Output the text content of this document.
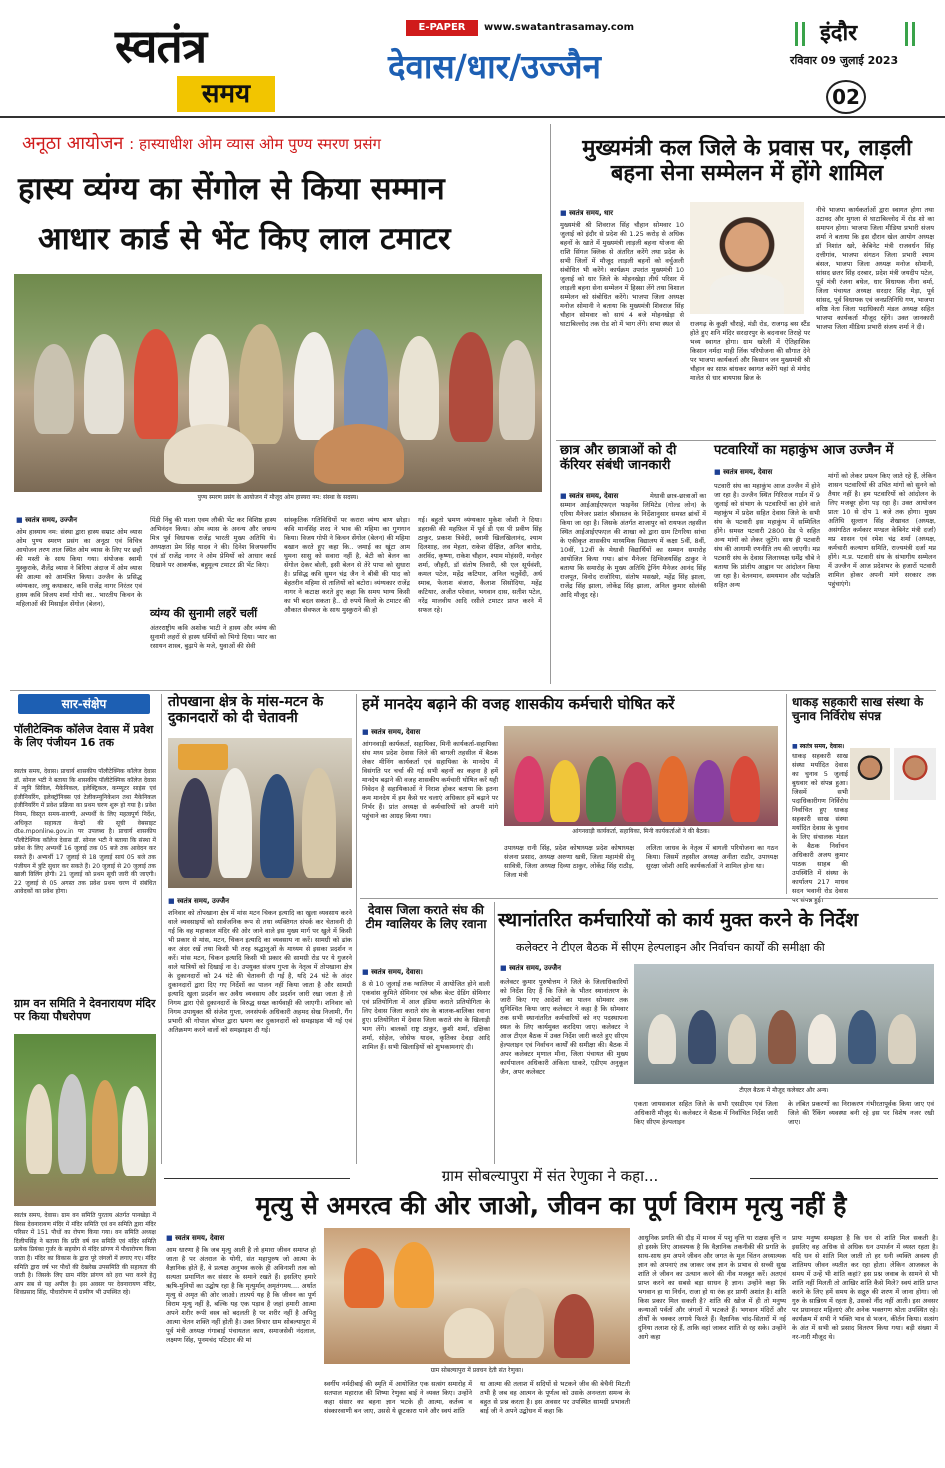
स्वतंत्र
समय
E-PAPER	www.swatantrasamay.com
देवास/धार/उज्जैन
इंदौर
रविवार 09 जुलाई 2023
02
अनूठा आयोजन : हास्याधीश ओम व्यास ओम पुण्य स्मरण प्रसंग
हास्य व्यंग्य का सेंगोल से किया सम्मान
आधार कार्ड से भेंट किए लाल टमाटर
पुण्य स्मरण प्रसंग के आयोजन में मौजूद ओम हास्यरा नम: संस्था के सदस्य।
■ स्वतंत्र समय, उज्जैन
ओम हास्याय नम: संस्था द्वारा हास्य सम्राट ओम व्यास ओम पुण्य स्मरण प्रसंग का अनूठा एवं विचित्र आयोजन तरण ताल स्थित ओम व्यास के लिए पर छहों की मस्ती के साथ किया गया। संयोजक स्वामी मुस्कुराके, शैलेंद्र व्यास ने बिरिया अंदाज में ओम व्यास की आत्मा को आमंत्रित किया। उज्जैन के प्रसिद्ध व्यंग्यकार, लघु कथाकार, कवि राजेंद्र नागर निरंतर एवं हास्य कवि विजय शर्मा गोपी का.. भारतीय किचन के महिलाओं की मिसाईल सेंगोल (बेलन),
पिंडी निंबु की माला एवम लौकी भेंट कर विशिष्ठ हास्य अभिनंदन किया। ओम व्यास के अनन्य और जघन्य मित्र पूर्व विधायक राजेंद्र भारती मुख्य अतिथि थे। अध्यक्षता प्रेम सिंह यादव ने की। दिनेश विजयवर्गीय एवं डॉ राजेंद्र नागर ने ओम प्रेमियों को आधार कार्ड दिखाने पर आकर्षक, बहुमूल्य टमाटर फ्री भेंट किए।
व्यंग्य की सुनामी लहरें चलीं
अंतरराष्ट्रीय कवि अशोक भाटी ने हास्य और व्यंग्य की सुनामी लहरों से हास्य धर्मियों को भिगो दिया। प्यार का रसायन शास्त्र, बुढ़ापे के मजे, युवाओं की सेवी
सांस्कृतिक गतिविधियों पर करारा व्यंग्य बाण छोड़ा। कवि मानसिंह शरद ने भाव की महिमा का गुणगान किया। विजय गोपी ने किचन सेंगोल (बेलन) की महिमा बखान करते हुए कहा कि.. जमाई का खूंटा आम घुमना सासु को सवारा नहीं है, बेटी को बेलन का सेंगोल देकर बोली, इसी बेलन से तेरे पापा को सुधारा है। प्रसिद्ध कवि सुमन चंद्र जैन ने बीबी की याद को बेहतरीन महिमा से तालियों को बटोरा। व्यंग्यकार राजेंद्र नागर ने कटाक्ष करते हुए कहा कि समय भाग्य किसी का भी बदल सकता है.. दो रुपये किलो के टमाटर की औकात सेवफल के साथ मुस्कुराने की हो
गई। बहुतो भ्रमण व्यंग्यकार मुकेश जोशी ने दिया। डहराकी की महफ़िल में पूर्व डी एस पी प्रवीण सिंह ठाकुर, प्रकाश त्रिवेदी, स्वामी खिलखिलानंद, श्याम दिलशाह, लव मेहता, राकेश दीक्षित, अनिल बारोड, अरविंद, कृष्णा, राकेश चौहान, श्याम मोहंसरी, मनोहर शर्मा, जौहरी, डॉ संतोष तिवारी, श्री एल सूर्यवंशी, कमल पटेल, महेंद्र कटियार, अनिल चतुर्वेदी, अर्थ स्माब, फेलाश बंजारा, कैलाश सिसोदिया, महेंद्र कटियार, अजीत परेवाल, भगवान दास, सतीश पटेल, नरेंद्र मालवीय आदि रसीले टमाटर प्राप्त करने में सफल रहे।
मुख्यमंत्री कल जिले के प्रवास पर, लाड़ली बहना सेना सम्मेलन में होंगे शामिल
■ स्वतंत्र समय, धार
मुख्यमंत्री श्री शिवराज सिंह चौहान सोमवार 10 जुलाई को इंदौर से प्रदेश की 1.25 करोड़ से अधिक बहनों के खाते में मुख्यमंत्री लाड़ली बहना योजना की राशि सिंगल क्लिक से अंतरित करेंगे तथा प्रदेश के सभी जिलों में मौजूद लाड़ली बहनों को वर्चुअली संबोधित भी करेंगे। कार्यक्रम उपरांत मुख्यमंत्री 10 जुलाई को धार जिले के मोहनखेड़ा तीर्थ परिसर में लाड़ली बहना सेना सम्मेलन में हिस्सा लेंगे तथा विशाल सम्मेलन को संबोधित करेंगे। भाजपा जिला अध्यक्ष मनोज सोमानी ने बताया कि मुख्यमंत्री शिवराज सिंह चौहान सोमवार को सायं 4 बजे मोहनखेड़ा से घाटाबिल्लोद तक रोड शो में भाग लेंगे। सभा स्थल से	राजगढ़ के कुक्षी चौराहे, मंडी रोड, राजगढ़ बस स्टैंड होते हुए शनि मंदिर सरदारपुर के बदनावर तिराहे पर भव्य स्वागत होगा। ग्राम खरेली में ऐतिहासिक किसान नर्मदा माही लिंक परियोजना की सौगात देने पर भाजपा कार्यकर्ता और किसान जन मुख्यमंत्री श्री चौहान का साफ़ बांधकर स्वागत करेंगे यहां से मंगोद मालेत से धार बायपास ब्रिज के
नीचे भाजपा कार्यकर्ताओं द्वारा स्वागत होगा तथा उटावद और मुगला से घाटाबिल्लोद में रोड शो का समापन होगा। भाजपा जिला मीडिया प्रभारी संजय शर्मा ने बताया कि इस दौरान खेल आयोग अध्यक्ष डॉ निशांत खरे, केबिनेट मंत्री राजवर्धन सिंह दत्तीगांव, भाजपा संगठन जिला प्रभारी श्याम बंसल, भाजपा जिला अध्यक्ष मनोज सोमानी, सांसद छतर सिंह दरबार, प्रदेश मंत्री जयदीप पटेल, पूर्व मंत्री रंजना बघेल, धार विधायक नीना वर्मा, जिला पंचायत अध्यक्ष सरदार सिंह मेड़ा, पूर्व सांसद, पूर्व विधायक एवं जनप्रतिनिधि गण, भाजपा वरिष्ठ नेता जिला पदाधिकारी मंडल अध्यक्ष सहित भाजपा कार्यकर्ता मौजूद रहेंगे। उक्त जानकारी भाजपा जिला मीडिया प्रभारी संजय शर्मा ने दी।
छात्र और छात्राओं को दी कॅरियर संबंधी जानकारी
■ स्वतंत्र समय, देवास	मेधावी छात्र-छात्राओं का सम्मान आईआईएफएल फाइनेंस लिमिटेड (गोल्ड लोन) के एरिया मैनेजर प्रशांत श्रीवास्तव के निर्देशानुसार समस्त ब्रांचों में किया जा रहा है। जिसके अंतर्गत शाजापुर को रायफल तहसील स्थित आईआईएफएल की शाखा को द्वारा ग्राम टिगरिया सांचा के एकीकृत शासकीय माध्यमिक विद्यालय में कक्षा 5वीं, 8वीं, 10वीं, 12वीं के मेधावी विद्यार्थियों का सम्मान समारोह आयोजित किया गया। ब्रांच मैनेजर दिग्विजयसिंह ठाकुर ने बताया कि समारोह के मुख्य अतिथि ट्रेनिंग मैनेजर आनंद सिंह राजपूत, विनोद राजोरिया, संतोष मसखरे, महेंद्र सिंह झाला, राजेंद्र सिंह झाला, लोकेंद्र सिंह झाला, अनिल कुमार सोलंकी आदि मौजूद रहे।
पटवारियों का महाकुंभ आज उज्जैन में
■ स्वतंत्र समय, देवास
पटवारी संघ का महाकुंभ आज उज्जैन में होने जा रहा है। उज्जैन स्थित गिरिराज गार्डन में 9 जुलाई को संभाग के पटवारियों का होने वाले महाकुंभ में प्रदेश सहित देवास जिले के सभी संघ के पटवारी इस महाकुंभ में सम्मिलित होंगे। समस्त पटवारी 2800 ग्रेड पे सहित अन्य मांगों को लेकर जुटेंगे। साथ ही पटवारी संघ की आगामी रणनीति तय की जाएगी। मप्र पटवारी संघ के देवास जिलाध्यक्ष धर्मेंद्र चौबे ने बताया कि प्रांतीय आह्वान पर आंदोलन किया जा रहा है। वेतनमान, समयमान और पदोन्नति सहित अन्य
मांगों को लेकर प्रयत्न किए जाते रहे हैं, लेकिन शासन पटवारियों की उचित मांगों को सुनने को तैयार नहीं है। हम पटवारियों को आंदोलन के लिए मजबूर होना पड़ रहा है। उक्त आयोजन प्रातः 10 से दोप 1 बजे तक होगा। मुख्य अतिथि सुल्तान सिंह शेखावत (अध्यक्ष, असंगठित कर्मकार मण्डल केबिनेट मंत्री दर्जा) मप्र शासन एवं रमेश चंद्र शर्मा (अध्यक्ष, कर्मचारी कल्याण समिति, राज्यमंत्री दर्जा मप्र होंगे। म.प्र. पटवारी संघ के संभागीय सम्मेलन में उज्जैन में आज प्रदेशभर के हजारों पटवारी शामिल होकर अपनी मांगे सरकार तक पहुंचाएंगे।
सार-संक्षेप
पॉलीटेक्निक कॉलेज देवास में प्रवेश के लिए पंजीयन 16 तक
स्वतंत्र समय, देवास। प्राचार्य शासकीय पॉलीटेक्निक कॉलेज देवास डॉ. सोनल भटी ने बताया कि शासकीय पॉलीटेक्निक कॉलेज देवास में न्यूनि सिविल, मैकेनिकल, इलेक्ट्रिकल, कम्प्यूटर साइंस एवं इंजीनियरिंग, इलेक्ट्रॉनिक्स एवं टेलीकम्युनिकेशन तथा मैकेनिकल इंजीनियरिंग में प्रवेश प्रक्रिया का प्रथम चरण शुरू हो गया है। प्रवेश नियम, विस्तृत समय-सारणी, अभ्यर्थी के लिए महत्वपूर्ण निर्देश, अधिकृत सहायता केन्द्रों की सूची वेबसाइट dte.mponline.gov.in पर उपलब्ध है। प्राचार्य शासकीय पॉलीटेक्निक कॉलेज देवास डॉ. सोनल भटी ने बताया कि संस्था में प्रवेश के लिए अभ्यर्थी 16 जुलाई तक 05 बजे तक आवेदन कर सकते हैं। अभ्यर्थी 17 जुलाई से 18 जुलाई सायं 05 बजे तक पंजीयन में त्रुटि सुधार कर सकते हैं। 20 जुलाई से 20 जुलाई तक खाली विलिंग होगी। 21 जुलाई को प्रथम सूची जारी की जाएगी। 22 जुलाई से 05 अगस्त तक प्रवेश प्रथम चरण में संबंधित आवेदकों का प्रवेश होगा।
ग्राम वन समिति ने देवनारायण मंदिर पर किया पौधरोपण
स्वतंत्र समय, देवास। ग्राम वन समिति पुरताय अंतर्गत पानखेड़ा में बिरस देवनारायण मंदिर में मंदिर समिति एवं वन समिति द्वारा मंदिर परिसर में 151 पौधों का रोपण किया गया। वन समिति अध्यक्ष दिलीपसिंह ने बताया कि प्रति वर्ष वन समिति एवं मंदिर समिति प्रत्येक प्रियंका गुर्जर के सहयोग से मंदिर प्रांगण में पौधारोपण किया जाता है। मंदिर का विकास के द्वारा पूरे जंगलों में लगाए गए। मंदिर समिति द्वारा वर्ष भर पौधों की देखरेख उपसमिति की सहायता की जाती है। जिसके लिए ग्राम मंदिर प्रांगण को हरा भरा करने हेतु आप सब से यह अपील है। इस अवसर पर देवनारायण मंदिर, शिवप्रसाद सिंह, पौधारोपण में ग्रामीण भी उपस्थित रहे।
तोपखाना क्षेत्र के मांस-मटन के दुकानदारों को दी चेतावनी
■ स्वतंत्र समय, उज्जैन
शनिवार को तोपखाना क्षेत्र में मांस मटन चिकन इत्यादि का खुला व्यवसाय करने वाले व्यवसाइयों को सार्वजनिक रूप से तथा व्यक्तिगत संपर्क कर चेतावनी दी गई कि वह महाकाल मंदिर की ओर जाने वाले इस मुख्य मार्ग पर खुले में किसी भी प्रकार से मांस, मटन, चिकन इत्यादि का व्यवसाय ना करें। सामग्री को ढांक कर अंदर रखें तथा किसी भी तरह श्रद्धालुओं के माध्यम से इसका प्रदर्शन न करें। मांस मटन, चिकन इत्यादि किसी भी प्रकार की सामग्री रोड पर ये गुजरने वाले यात्रियों को दिखाई ना दे। उपयुक्त संजय गुप्ता के नेतृत्व में तोपखाना क्षेत्र के दुकानदारों को 24 घंटे की चेतावनी दी गई है, यदि 24 घंटे के अंदर दुकानदारों द्वारा दिए गए निर्देशों का पालन नहीं किया जाता है और सामग्री इत्यादि खुला प्रदर्शन कर अवैध व्यवसाय और प्रदर्शन जारी रखा जाता है तो निगम द्वारा ऐसे दुकानदारों के विरुद्ध सख्त कार्यवाही की जाएगी। शनिवार को निगम उपायुक्त श्री संजेश गुप्ता, जनसंपर्क अधिकारी अहमद सेख निजामी, गैंग प्रभारी श्री गोपाल बोयत द्वारा भ्रमण कर दुकानदारों को समझाइश भी गई एवं अतिक्रमण करने वालों को समझाइश दी गई।
हमें मानदेय बढ़ाने की वजह शासकीय कर्मचारी घोषित करें
■ स्वतंत्र समय, देवास
आंगनवाड़ी कार्यकर्ता, सहायिका, मिनी कार्यकर्ता-सहायिका संघ मध्य प्रदेश देवास जिले की बागली तहसील में बैठक लेकर मीनिंग कार्यकर्ता एवं सहायिका के मानदेय में विसंगति पर चर्चा की गई सभी बहनों का कहना है हमें मानदेय बढ़ाने की वजह शासकीय कर्मचारी घोषित करें यही निवेदन है सहायिकाओं ने निराश होकर बताया कि इतना कम मानदेय में हम कैसे घर चलाएं अधिकार हमें बढ़ाने पर निर्भर हैं। प्रांत अध्यक्ष से कर्मचारियों को अपनी मांगे पहुंचाने का आग्रह किया गया।
आंगनवाड़ी कार्यकर्ता, सहायिका, मिनी कार्यकर्ताओं ने की बैठक।
उपाध्यक्ष रानी सिंह, प्रदेश कोषाध्यक्ष प्रदेश कोषाध्यक्ष संजना प्रसाद, अध्यक्ष अरुणा खत्री, जिला महामंत्री सेनू सावित्री, जिला अध्यक्ष दिव्या ठाकुर, लोकेंद्र सिंह राठौड़, जिला मंत्री
ललिता जाधव के नेतृत्व में बागली परियोजना का गठन किया। जिसमें तहसील अध्यक्ष अनीता राठौर, उपाध्यक्ष सुरक्षा जोशी आदि कार्यकर्ताओं ने शामिल होना था।
धाकड़ सहकारी साख संस्था के चुनाव निर्विरोध संपन्न
■ स्वतंत्र समय, देवास।
धाकड़ सहकारी साख संस्था मर्यादित देवास का चुनाव 5 जुलाई बुधवार को संपन्न हुआ। जिसमें सभी पदाधिकारीगण निर्विरोध निर्वाचित हुए धाकड़ सहकारी साख संस्था मर्यादित देवास के चुनाव के लिए संचालक मंडल के बैठक निर्वाचन अधिकारी अजय कुमार पाठक साहब की उपस्थिति में संस्था के कार्यालय 217 माधव सदन भवानी रोड देवास पर संपन्न हुई।
देवास जिला कराते संघ की टीम ग्वालियर के लिए रवाना
■ स्वतंत्र समय, देवास।
8 से 10 जुलाई तक ग्वालियर में आयोजित होने वाली एकवांस कुमिते सेमिनार एवं ब्लैक बेल्ट ग्रेडिंग सेमिनार एवं प्रतियोगिता में आल इंडिया कराते प्रतियोगिता के लिए देवास जिला कराते संघ के बालक-बालिका रवाना हुए। प्रतियोगिता में देवास जिला कराते संघ के खिलाड़ी भाग लेंगे। बालकों राष्ट्र ठाकुर, कुशी शर्मा, दक्षिका शर्मा, सोहेल, जोसेफ यादव, कृतिका देवड़ा आदि शामिल हैं। सभी खिलाड़ियों को शुभकामनाएं दी।
स्थानांतरित कर्मचारियों को कार्य मुक्त करने के निर्देश
कलेक्टर ने टीएल बैठक में सीएम हेल्पलाइन और निर्वाचन कार्यों की समीक्षा की
■ स्वतंत्र समय, उज्जैन
कलेक्टर कुमार पुरुषोत्तम ने जिले के जिलाधिकारियों को निर्देश दिए हैं कि जिले के भीतर स्थानांतरण के जारी किए गए आदेशों का पालन सोमवार तक सुनिश्चित किया जाए कलेक्टर ने कहा है कि सोमवार तक सभी स्थानांतरित कर्मचारियों को नए पदस्थापना स्थल के लिए कार्यमुक्त करदिया जाए। कलेक्टर ने आज टीएल बैठक में उक्त निर्देश जारी करते हुए सीएम हेल्पलाइन एवं निर्वाचन कार्यों की समीक्षा की। बैठक में अपर कलेक्टर मृणाल मीना, जिला पंचायत की मुख्य कार्यपालन अधिकारी अंकिता धाकरे, एडीएम अनुकूल जैन, अपर कलेक्टर
टीएल बैठक में मौजूद कलेक्टर और अन्य।
एकता जायसवाल सहित जिले के सभी एसडीएम एवं जिला अधिकारी मौजूद थे। कलेक्टर ने बैठक में निर्वाचित निर्देश जारी किए सीएम हेल्पलाइन
के लंबित प्रकरणों का निराकरण गंभीरतापूर्वक किया जाए एवं जिले की रैंकिंग व्यवस्था बनी रहे इस पर विशेष नजर रखी जाए।
ग्राम सोबल्यापुरा में संत रेणुका ने कहा...
मृत्यु से अमरत्व की ओर जाओ, जीवन का पूर्ण विराम मृत्यु नहीं है
■ स्वतंत्र समय, देवास
आम धारणा है कि जब मृत्यु आती है तो हमारा जीवन समाप्त हो जाता है पर अंतराल के योगी, संत महापुरुष जो आत्मा के वैज्ञानिक होते हैं, वे प्रत्यक्ष अनुभव करके ही अविनाशी तत्व को सत्यता प्रमाणित कर संसार के समाने रखते हैं। इसलिए हमारे ऋषि-मुनियों का उद्घोष रहा है कि मृत्युर्माम् अमृतंगमय.... अर्थात मृत्यु से अमृत की ओर जाओ। तात्पर्य यह है कि जीवन का पूर्ण विराम मृत्यु नहीं है, बल्कि यह एक पड़ाव है जहां हमारी आत्मा अपने शरीर रूपी वस्त्र को बदलती है पर शरीर नहीं है अपितु आत्मा चेतन शक्ति नहीं होती है। उक्त विचार ग्राम सोबल्यापुरा में पूर्व मंत्री अध्यक्ष गंगाबाई पंचायतल काय, समाजसेवी नंदलाल, लक्ष्मण सिंह, पूनमचंद पटिदार की मां
ग्राम सोबल्यापुरा में प्रवचन देती संत रेणुका।
स्वर्गीय नर्मदीबाई की स्मृति में आयोजित एक सत्संग समारोह में सतपाल महाराज की शिष्या रेणुका बाई ने व्यक्त किए। उन्होंने कहा संसार का बहना ज्ञान भटके ही आत्मा, कर्तव्य व संस्कारवाणी बन जाए, उससे ये छूटकारा पाने और स्वयं शांति
या आत्मा की तलाश में सदियों से भटकने जीव की बेचैनी मिटती तभी है जब वह आत्मन के पूर्णत्व को उसके अनन्तता समन्व के बहुत से प्रश्न करता है। इस अवसर पर उपस्थित सामग्री प्रभावती बाई जी ने अपने उद्बोधन में कहा कि
आधुनिक प्रगति की दौड़ में मानव में पशु वृत्ति या राक्षस वृत्ति न हो इसके लिए आवश्यक है कि वैज्ञानिक तकनीकी की प्रगति के साथ-साथ हम अपने जीवन और जगत के मूल चिंतन अध्यात्मक ज्ञान को अपनाएं तब जाकर जब ज्ञान के प्रभाव से सच्ची सुख शांति ले जीवन का उत्थान करने की नीव मजबूत करें। अतएवं प्राप्त करने का सबसे बड़ा साधन है ज्ञान। उन्होंने कहा कि भगवान हा या निर्धन, राजा हो या रंक हर प्राणी अशांत है। शांति किस प्रकार मिल सकती है? शांति की खोज में ही तो मनुष्य कन्याओं पर्वतों और जंगलों में भटकते हैं। भगवान मंदिरों और तीर्थों के चक्कर लगाये फिरते हैं। वैज्ञानिक चांद-सितारों में नई दुनिया तलाश रहे हैं, ताकि वहां जाकर शांति से रह सके। उन्होंने आगे कहा
प्रायः मनुष्य समझता है कि धन से शांति मिल सकती है। इसलिए वह अधिक से अधिक धन उपार्जन में व्यस्त रहता है। यदि धन से शांति मिल जाती तो हर धनी व्यक्ति अवश्य ही शांतिमय जीवन व्यतीत कर रहा होता। लेकिन आजकल के समय में उन्हें भी शांति कहां? इस प्रश्न जवाब के सामने से भी शांति नहीं मिलती तो आखिर शांति कैसे मिले? स्वयं शांति प्राप्त करने के लिए हमें समय के सद्गुरु की शरण में जाना होगा। जो गुरु के सान्निध्य में रहता है, उसको नींद नहीं आती। इस अवसर पर प्रधानदार महिलाएं और अनेक भक्तगण श्रोता उपस्थित रहे। कार्यक्रम में सभी ने भक्ति भाव से भजन, कीर्तन किया। सत्संग के अंत में सभी को प्रसाद वितरण किया गया। बड़ी संख्या में नर-नारी मौजूद थे।
